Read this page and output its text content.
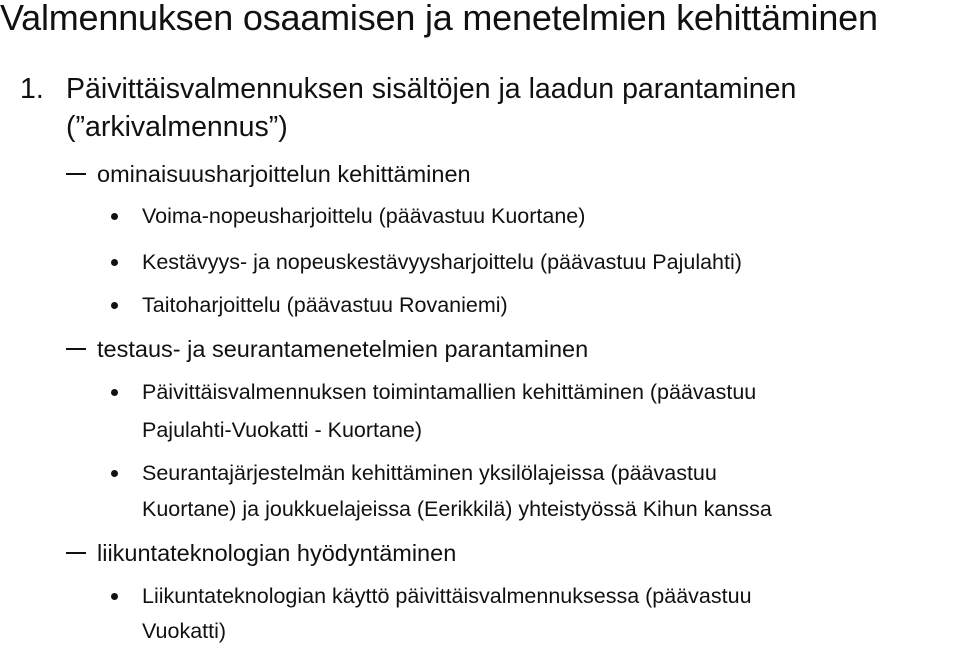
Valmennuksen osaamisen ja menetelmien kehittäminen
1. Päivittäisvalmennuksen sisältöjen ja laadun parantaminen
(”arkivalmennus”)
ominaisuusharjoittelun kehittäminen
Voima-nopeusharjoittelu (päävastuu Kuortane)
Kestävyys- ja nopeuskestävyysharjoittelu (päävastuu Pajulahti)
Taitoharjoittelu (päävastuu Rovaniemi)
testaus- ja seurantamenetelmien parantaminen
Päivittäisvalmennuksen toimintamallien kehittäminen (päävastuu
Pajulahti-Vuokatti - Kuortane)
Seurantajärjestelmän kehittäminen yksilölajeissa (päävastuu
Kuortane) ja joukkuelajeissa (Eerikkilä) yhteistyössä Kihun kanssa
liikuntateknologian hyödyntäminen
Liikuntateknologian käyttö päivittäisvalmennuksessa (päävastuu
Vuokatti)
